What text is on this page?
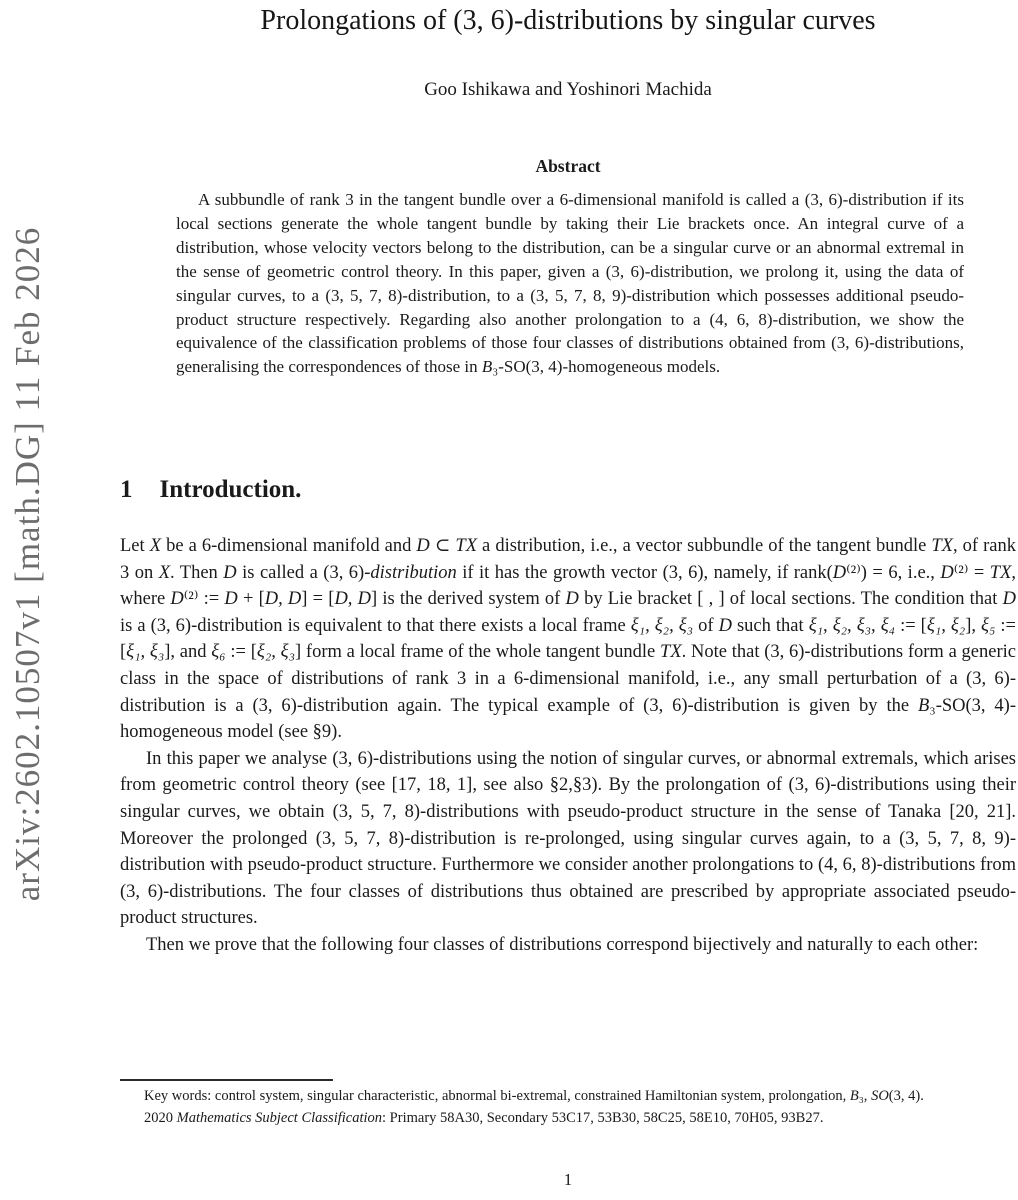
arXiv:2602.10507v1 [math.DG] 11 Feb 2026
Prolongations of (3, 6)-distributions by singular curves
Goo Ishikawa and Yoshinori Machida
Abstract
A subbundle of rank 3 in the tangent bundle over a 6-dimensional manifold is called a (3, 6)-distribution if its local sections generate the whole tangent bundle by taking their Lie brackets once. An integral curve of a distribution, whose velocity vectors belong to the distribution, can be a singular curve or an abnormal extremal in the sense of geometric control theory. In this paper, given a (3, 6)-distribution, we prolong it, using the data of singular curves, to a (3, 5, 7, 8)-distribution, to a (3, 5, 7, 8, 9)-distribution which possesses additional pseudo-product structure respectively. Regarding also another prolongation to a (4, 6, 8)-distribution, we show the equivalence of the classification problems of those four classes of distributions obtained from (3, 6)-distributions, generalising the correspondences of those in B₃-SO(3, 4)-homogeneous models.
1 Introduction.

Let X be a 6-dimensional manifold and D ⊂ TX a distribution, i.e., a vector subbundle of the tangent bundle TX, of rank 3 on X. Then D is called a (3, 6)-distribution if it has the growth vector (3, 6), namely, if rank(D⁽²⁾) = 6, i.e., D⁽²⁾ = TX, where D⁽²⁾ := D + [D, D] = [D, D] is the derived system of D by Lie bracket [ , ] of local sections. The condition that D is a (3, 6)-distribution is equivalent to that there exists a local frame ξ₁, ξ₂, ξ₃ of D such that ξ₁, ξ₂, ξ₃, ξ₄ := [ξ₁, ξ₂], ξ₅ := [ξ₁, ξ₃], and ξ₆ := [ξ₂, ξ₃] form a local frame of the whole tangent bundle TX. Note that (3, 6)-distributions form a generic class in the space of distributions of rank 3 in a 6-dimensional manifold, i.e., any small perturbation of a (3, 6)-distribution is a (3, 6)-distribution again. The typical example of (3, 6)-distribution is given by the B₃-SO(3, 4)-homogeneous model (see §9).

In this paper we analyse (3, 6)-distributions using the notion of singular curves, or abnormal extremals, which arises from geometric control theory (see [17, 18, 1], see also §2,§3). By the prolongation of (3, 6)-distributions using their singular curves, we obtain (3, 5, 7, 8)-distributions with pseudo-product structure in the sense of Tanaka [20, 21]. Moreover the prolonged (3, 5, 7, 8)-distribution is re-prolonged, using singular curves again, to a (3, 5, 7, 8, 9)-distribution with pseudo-product structure. Furthermore we consider another prolongations to (4, 6, 8)-distributions from (3, 6)-distributions. The four classes of distributions thus obtained are prescribed by appropriate associated pseudo-product structures.

Then we prove that the following four classes of distributions correspond bijectively and naturally to each other:

Key words: control system, singular characteristic, abnormal bi-extremal, constrained Hamiltonian system, prolongation, B₃, SO(3, 4).

2020 Mathematics Subject Classification: Primary 58A30, Secondary 53C17, 53B30, 58C25, 58E10, 70H05, 93B27.

1
